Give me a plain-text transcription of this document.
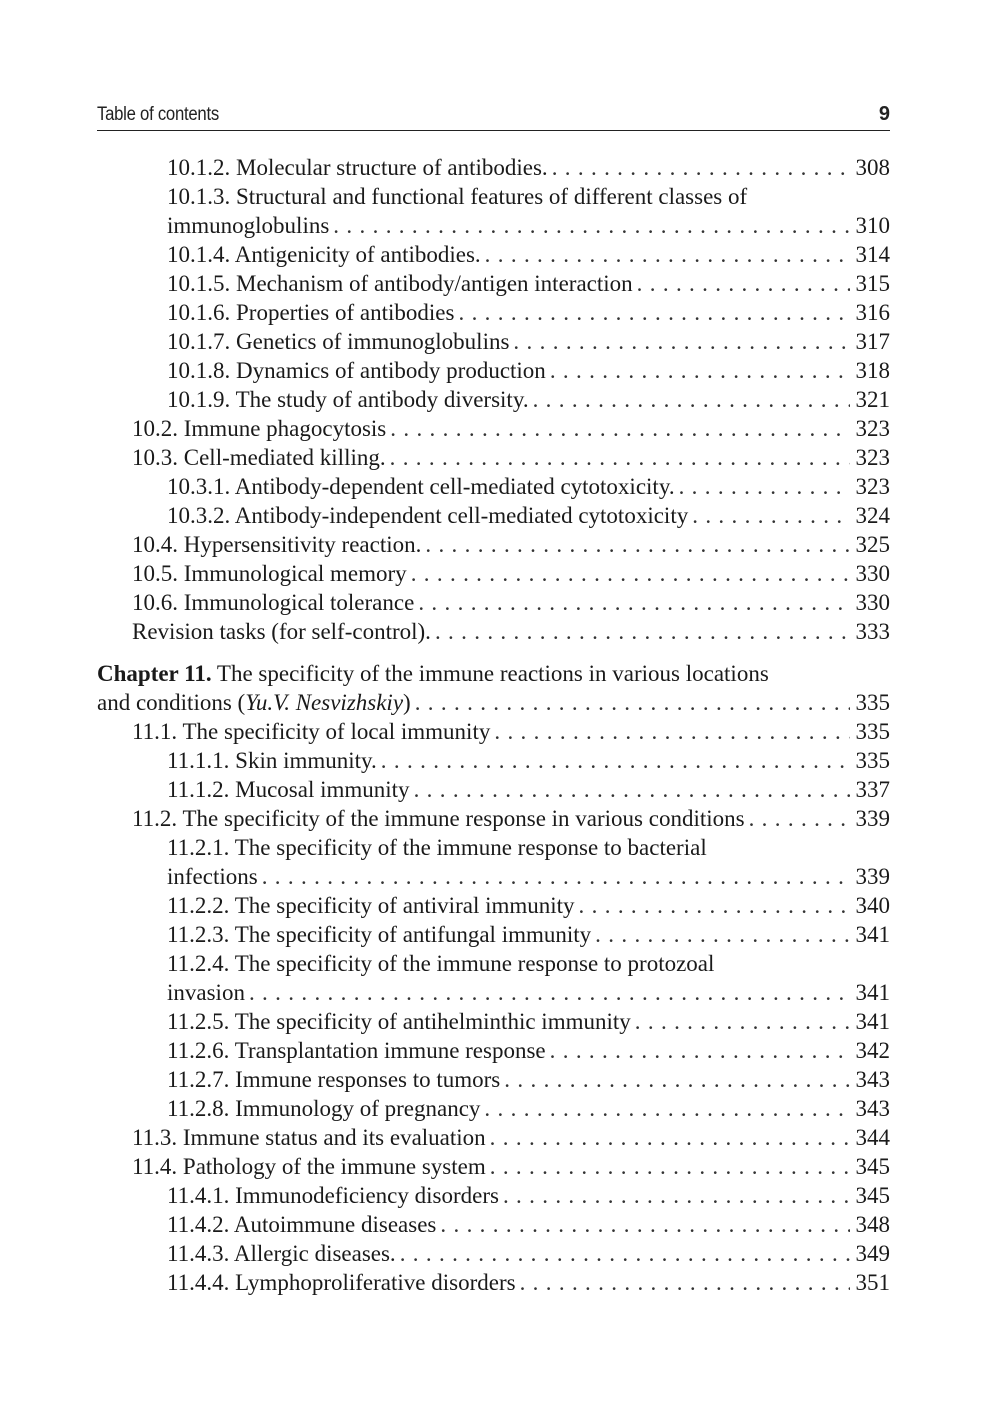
Table of contents	9
10.1.2. Molecular structure of antibodies. . . .	308
10.1.3. Structural and functional features of different classes of
immunoglobulins . . .	310
10.1.4. Antigenicity of antibodies. . . .	314
10.1.5. Mechanism of antibody/antigen interaction . . .	315
10.1.6. Properties of antibodies . . .	316
10.1.7. Genetics of immunoglobulins . . .	317
10.1.8. Dynamics of antibody production . . .	318
10.1.9. The study of antibody diversity. . . .	321
10.2. Immune phagocytosis . . .	323
10.3. Cell-mediated killing. . . .	323
10.3.1. Antibody-dependent cell-mediated cytotoxicity. . . .	323
10.3.2. Antibody-independent cell-mediated cytotoxicity . . .	324
10.4. Hypersensitivity reaction. . . .	325
10.5. Immunological memory . . .	330
10.6. Immunological tolerance . . .	330
Revision tasks (for self-control). . . .	333
Chapter 11. The specificity of the immune reactions in various locations
and conditions (Yu.V. Nesvizhskiy) . . .	335
11.1. The specificity of local immunity . . .	335
11.1.1. Skin immunity. . . .	335
11.1.2. Mucosal immunity . . .	337
11.2. The specificity of the immune response in various conditions . . .	339
11.2.1. The specificity of the immune response to bacterial
infections . . .	339
11.2.2. The specificity of antiviral immunity . . .	340
11.2.3. The specificity of antifungal immunity . . .	341
11.2.4. The specificity of the immune response to protozoal
invasion . . .	341
11.2.5. The specificity of antihelminthic immunity . . .	341
11.2.6. Transplantation immune response . . .	342
11.2.7. Immune responses to tumors . . .	343
11.2.8. Immunology of pregnancy . . .	343
11.3. Immune status and its evaluation . . .	344
11.4. Pathology of the immune system . . .	345
11.4.1. Immunodeficiency disorders . . .	345
11.4.2. Autoimmune diseases . . .	348
11.4.3. Allergic diseases. . . .	349
11.4.4. Lymphoproliferative disorders . . .	351
